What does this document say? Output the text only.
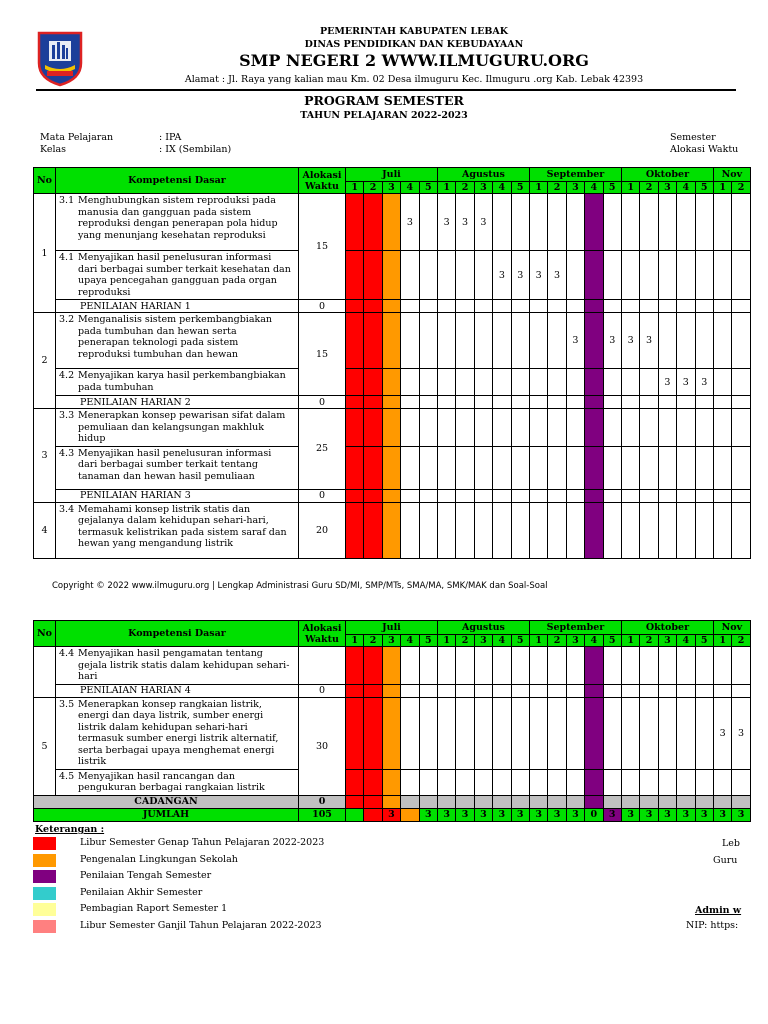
PEMERINTAH KABUPATEN LEBAK
DINAS PENDIDIKAN DAN KEBUDAYAAN
SMP NEGERI 2 WWW.ILMUGURU.ORG
Alamat : Jl. Raya yang kalian mau Km. 02 Desa ilmuguru Kec. Ilmuguru .org Kab. Lebak 42393
PROGRAM SEMESTER
TAHUN PELAJARAN 2022-2023
Mata Pelajaran	: IPA
Kelas	: IX (Sembilan)
Semester
Alokasi Waktu
No	Kompetensi Dasar	Alokasi Waktu	Juli					Agustus					September					Oktober					Nov	
			1	2	3	4	5	1	2	3	4	5	1	2	3	4	5	1	2	3	4	5	1	2
1	3.1 Menghubungkan sistem reproduksi pada manusia dan gangguan pada sistem reproduksi dengan penerapan pola hidup yang menunjang kesehatan reproduksi	15				3		3	3	3														
	4.1 Menyajikan hasil penelusuran informasi dari berbagai sumber terkait kesehatan dan upaya pencegahan gangguan pada organ reproduksi										3	3	3	3										
	PENILAIAN HARIAN 1	0																						
2	3.2 Menganalisis sistem perkembangbiakan pada tumbuhan dan hewan serta penerapan teknologi pada sistem reproduksi tumbuhan dan hewan	15													3		3	3	3					
	4.2 Menyajikan karya hasil perkembangbiakan pada tumbuhan																			3	3	3		
	PENILAIAN HARIAN 2	0																						
3	3.3 Menerapkan konsep pewarisan sifat dalam pemuliaan dan kelangsungan makhluk hidup	25																						
	4.3 Menyajikan hasil penelusuran informasi dari berbagai sumber terkait tentang tanaman dan hewan hasil pemuliaan																							
	PENILAIAN HARIAN 3	0																						
4	3.4 Memahami konsep listrik statis dan gejalanya dalam kehidupan sehari-hari, termasuk kelistrikan pada sistem saraf dan hewan yang mengandung listrik	20																						
Copyright © 2022 www.ilmuguru.org | Lengkap Administrasi Guru SD/MI, SMP/MTs, SMA/MA, SMK/MAK dan Soal-Soal
No	Kompetensi Dasar	Alokasi Waktu	Juli					Agustus					September					Oktober					Nov	
			1	2	3	4	5	1	2	3	4	5	1	2	3	4	5	1	2	3	4	5	1	2
	4.4 Menyajikan hasil pengamatan tentang gejala listrik statis dalam kehidupan sehari-hari																							
	PENILAIAN HARIAN 4	0																						
5	3.5 Menerapkan konsep rangkaian listrik, energi dan daya listrik, sumber energi listrik dalam kehidupan sehari-hari termasuk sumber energi listrik alternatif, serta berbagai upaya menghemat energi listrik	30																					3	3
	4.5 Menyajikan hasil rancangan dan pengukuran berbagai rangkaian listrik																							
CADANGAN		0																						
JUMLAH		105			3		3	3	3	3	3	3	3	3	3	0	3	3	3	3	3	3	3	3
Keterangan :
Libur Semester Genap Tahun Pelajaran 2022-2023
Pengenalan Lingkungan Sekolah
Penilaian Tengah Semester
Penilaian Akhir Semester
Pembagian Raport Semester 1
Libur Semester Ganjil Tahun Pelajaran 2022-2023
Leb
Guru
Admin w
NIP: https:
